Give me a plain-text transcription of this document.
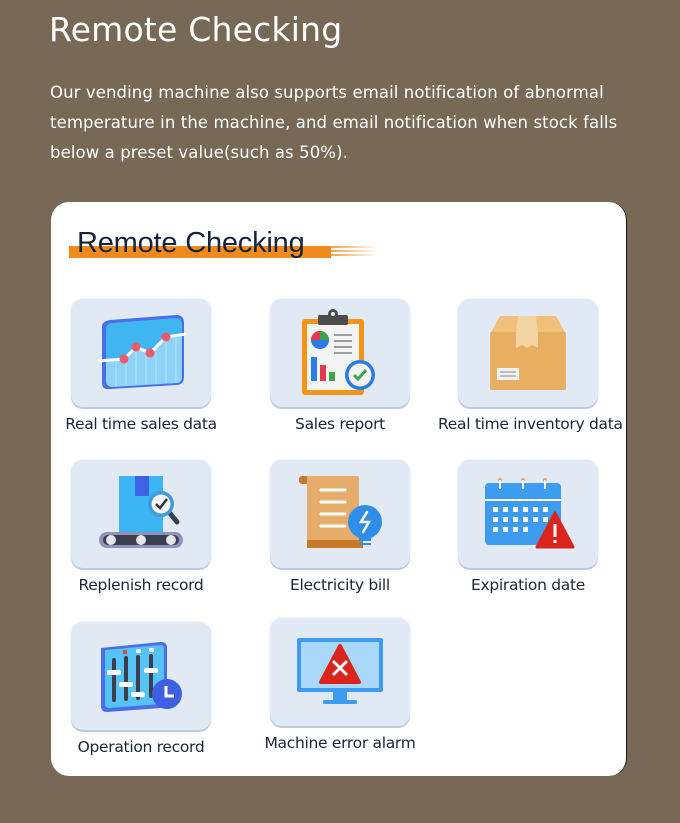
Remote Checking

Our vending machine also supports email notification of abnormal temperature in the machine, and email notification when stock falls below a preset value(such as 50%).

Remote Checking
Real time sales data	Sales report	Real time inventory data
Replenish record	Electricity bill	Expiration date
Operation record	Machine error alarm
